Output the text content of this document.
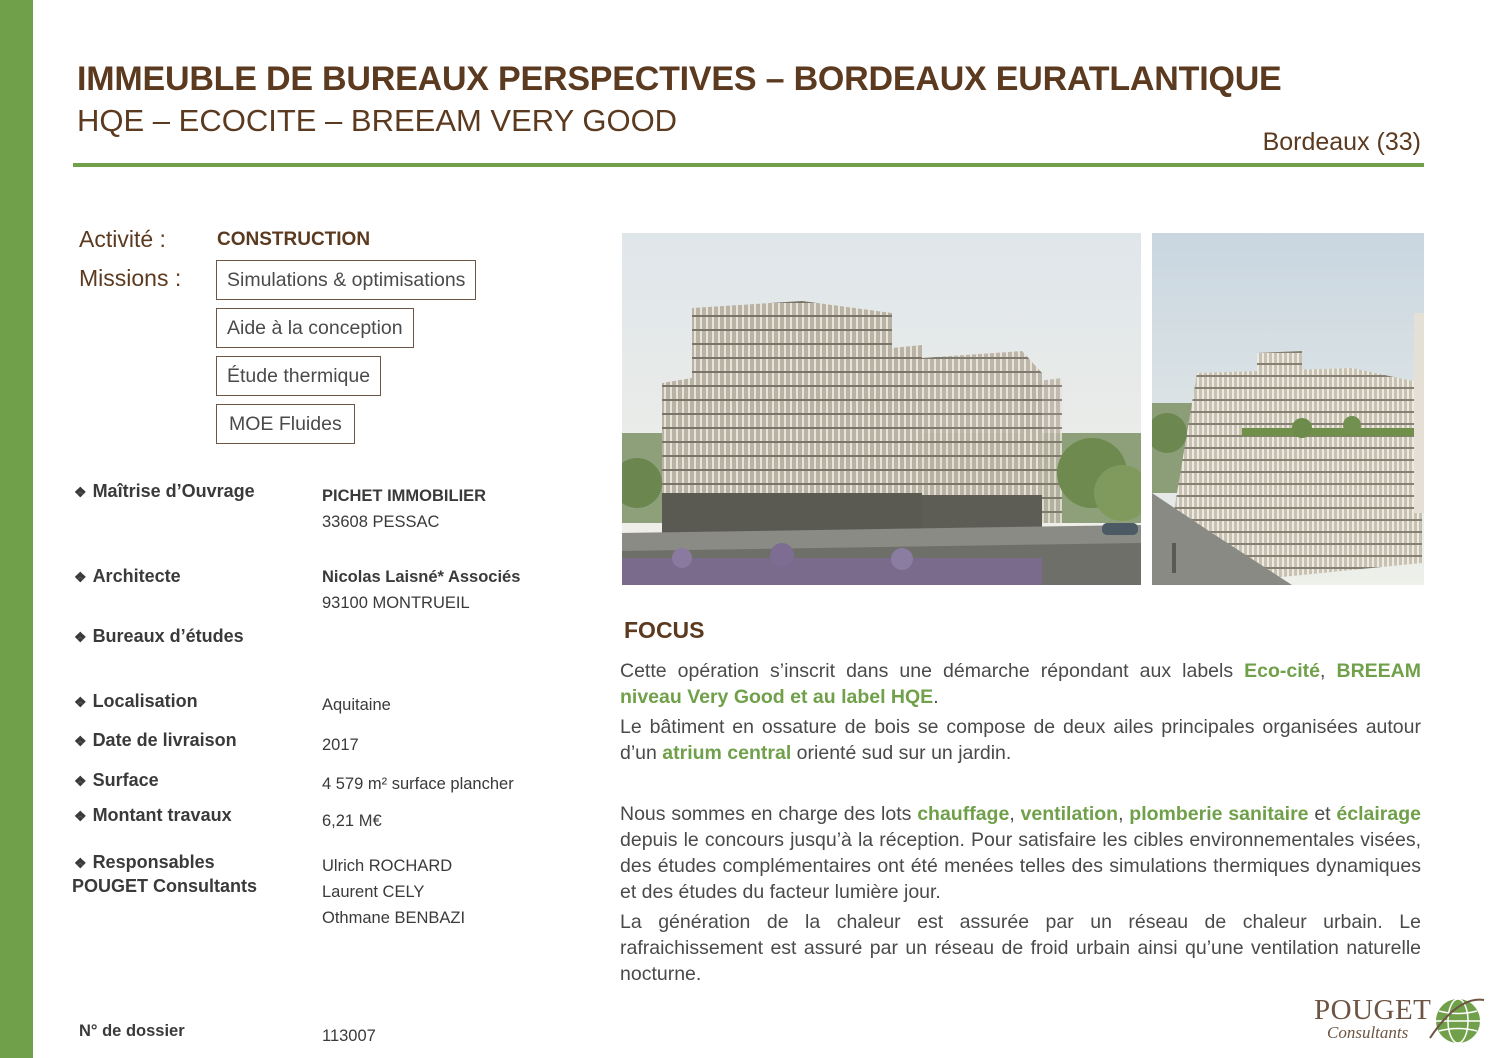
IMMEUBLE DE BUREAUX PERSPECTIVES – BORDEAUX EURATLANTIQUE
HQE – ECOCITE – BREEAM VERY GOOD
Bordeaux (33)
Activité :	CONSTRUCTION
Missions :	Simulations & optimisations
Aide à la conception
Étude thermique
MOE Fluides
❖ Maîtrise d’Ouvrage	PICHET IMMOBILIER
33608 PESSAC
❖ Architecte	Nicolas Laisné* Associés
93100 MONTRUEIL
❖ Bureaux d’études
❖ Localisation	Aquitaine
❖ Date de livraison	2017
❖ Surface	4 579 m² surface plancher
❖ Montant travaux	6,21 M€
❖ Responsables
POUGET Consultants
Ulrich ROCHARD
Laurent CELY
Othmane BENBAZI
N° de dossier	113007
FOCUS
Cette opération s’inscrit dans une démarche répondant aux labels Eco-cité, BREEAM niveau Very Good et au label HQE.
Le bâtiment en ossature de bois se compose de deux ailes principales organisées autour d’un atrium central orienté sud sur un jardin.
Nous sommes en charge des lots chauffage, ventilation, plomberie sanitaire et éclairage depuis le concours jusqu’à la réception. Pour satisfaire les cibles environnementales visées, des études complémentaires ont été menées telles des simulations thermiques dynamiques et des études du facteur lumière jour.
La génération de la chaleur est assurée par un réseau de chaleur urbain. Le rafraichissement est assuré par un réseau de froid urbain ainsi qu’une ventilation naturelle nocturne.
POUGET
Consultants
